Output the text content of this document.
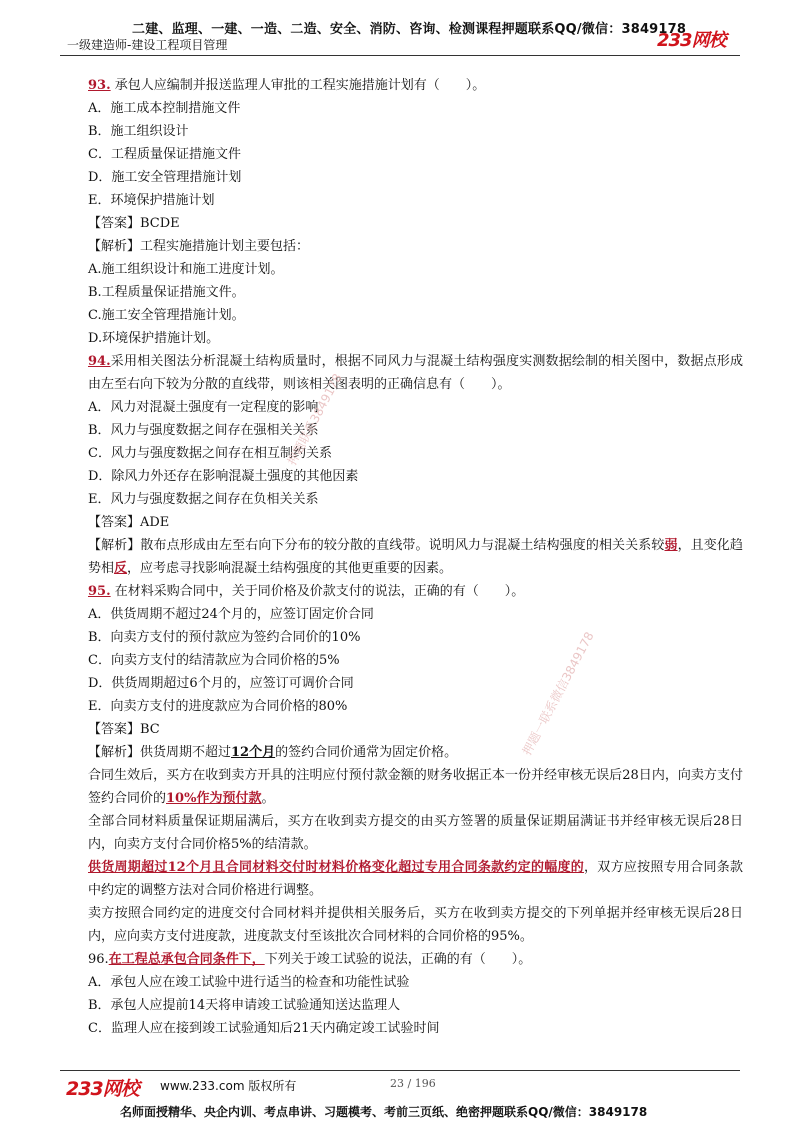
二建、监理、一建、一造、二造、安全、消防、咨询、检测课程押题联系QQ/微信：3849178
一级建造师-建设工程项目管理	233网校
93. 承包人应编制并报送监理人审批的工程实施措施计划有（　　）。
A．施工成本控制措施文件
B．施工组织设计
C．工程质量保证措施文件
D．施工安全管理措施计划
E．环境保护措施计划
【答案】BCDE
【解析】工程实施措施计划主要包括：
A.施工组织设计和施工进度计划。
B.工程质量保证措施文件。
C.施工安全管理措施计划。
D.环境保护措施计划。
94.采用相关图法分析混凝土结构质量时，根据不同风力与混凝土结构强度实测数据绘制的相关图中，数据点形成由左至右向下较为分散的直线带，则该相关图表明的正确信息有（　　）。
A．风力对混凝土强度有一定程度的影响
B．风力与强度数据之间存在强相关关系
C．风力与强度数据之间存在相互制约关系
D．除风力外还存在影响混凝土强度的其他因素
E．风力与强度数据之间存在负相关关系
【答案】ADE
【解析】散布点形成由左至右向下分布的较分散的直线带。说明风力与混凝土结构强度的相关关系较弱，且变化趋势相反，应考虑寻找影响混凝土结构强度的其他更重要的因素。
95. 在材料采购合同中，关于同价格及价款支付的说法，正确的有（　　）。
A．供货周期不超过24个月的，应签订固定价合同
B．向卖方支付的预付款应为签约合同价的10%
C．向卖方支付的结清款应为合同价格的5%
D．供货周期超过6个月的，应签订可调价合同
E．向卖方支付的进度款应为合同价格的80%
【答案】BC
【解析】供货周期不超过12个月的签约合同价通常为固定价格。
合同生效后，买方在收到卖方开具的注明应付预付款金额的财务收据正本一份并经审核无误后28日内，向卖方支付签约合同价的10%作为预付款。
全部合同材料质量保证期届满后，买方在收到卖方提交的由买方签署的质量保证期届满证书并经审核无误后28日内，向卖方支付合同价格5%的结清款。
供货周期超过12个月且合同材料交付时材料价格变化超过专用合同条款约定的幅度的，双方应按照专用合同条款中约定的调整方法对合同价格进行调整。
卖方按照合同约定的进度交付合同材料并提供相关服务后，买方在收到卖方提交的下列单据并经审核无误后28日内，应向卖方支付进度款，进度款支付至该批次合同材料的合同价格的95%。
96.在工程总承包合同条件下，下列关于竣工试验的说法，正确的有（　　）。
A．承包人应在竣工试验中进行适当的检查和功能性试验
B．承包人应提前14天将申请竣工试验通知送达监理人
C．监理人应在接到竣工试验通知后21天内确定竣工试验时间
押题联系3849178
押题一联系微信3849178
233网校 www.233.com 版权所有	23 / 196
名师面授精华、央企内训、考点串讲、习题模考、考前三页纸、绝密押题联系QQ/微信：3849178
